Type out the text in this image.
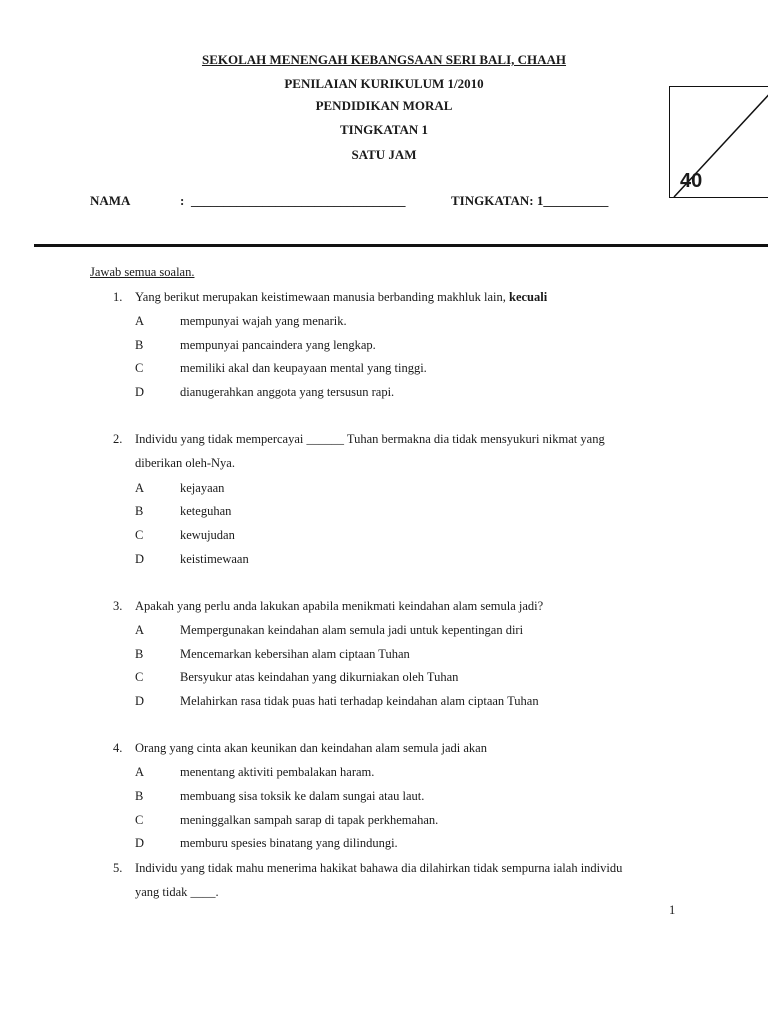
SEKOLAH MENENGAH KEBANGSAAN SERI BALI, CHAAH
PENILAIAN KURIKULUM 1/2010
PENDIDIKAN MORAL
TINGKATAN 1
SATU JAM
40
NAMA	: _________________________________	TINGKATAN: 1__________
Jawab semua soalan.
1. Yang berikut merupakan keistimewaan manusia berbanding makhluk lain, kecuali
A	mempunyai wajah yang menarik.
B	mempunyai pancaindera yang lengkap.
C	memiliki akal dan keupayaan mental yang tinggi.
D	dianugerahkan anggota yang tersusun rapi.
2. Individu yang tidak mempercayai ______ Tuhan bermakna dia tidak mensyukuri nikmat yang
diberikan oleh-Nya.
A	kejayaan
B	keteguhan
C	kewujudan
D	keistimewaan
3. Apakah yang perlu anda lakukan apabila menikmati keindahan alam semula jadi?
A	Mempergunakan keindahan alam semula jadi untuk kepentingan diri
B	Mencemarkan kebersihan alam ciptaan Tuhan
C	Bersyukur atas keindahan yang dikurniakan oleh Tuhan
D	Melahirkan rasa tidak puas hati terhadap keindahan alam ciptaan Tuhan
4. Orang yang cinta akan keunikan dan keindahan alam semula jadi akan
A	menentang aktiviti pembalakan haram.
B	membuang sisa toksik ke dalam sungai atau laut.
C	meninggalkan sampah sarap di tapak perkhemahan.
D	memburu spesies binatang yang dilindungi.
5. Individu yang tidak mahu menerima hakikat bahawa dia dilahirkan tidak sempurna ialah individu
yang tidak ____.
1
